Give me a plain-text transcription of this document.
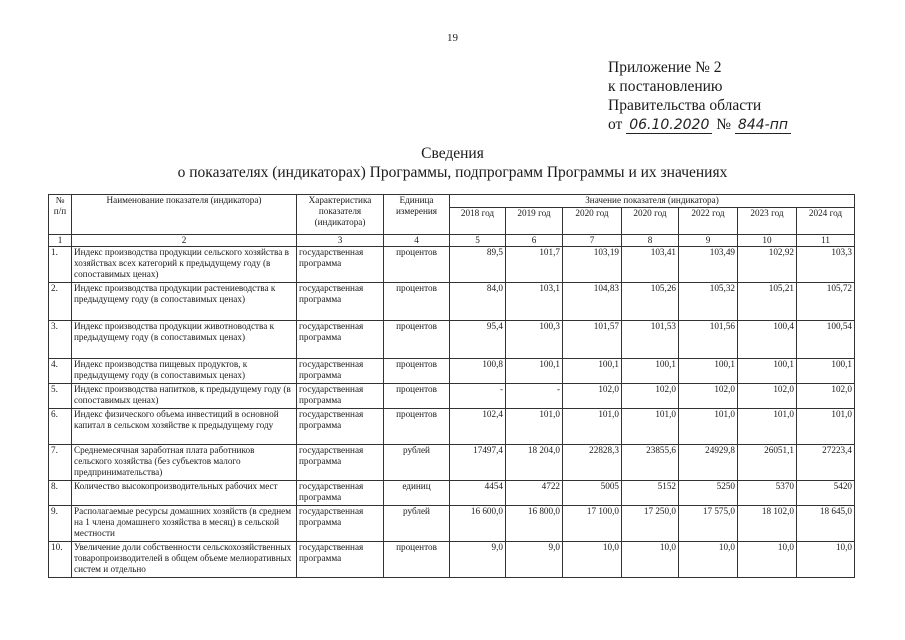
19
Приложение № 2
к постановлению
Правительства области
от 06.10.2020 № 844-пп
Сведения
о показателях (индикаторах) Программы, подпрограмм Программы и их значениях
№ п/п	Наименование показателя (индикатора)	Характеристика показателя (индикатора)	Единица измерения	Значение показателя (индикатора)						
				2018 год	2019 год	2020 год	2020 год	2022 год	2023 год	2024 год
1	2	3	4	5	6	7	8	9	10	11
1.	Индекс производства продукции сельского хозяйства в хозяйствах всех категорий к предыдущему году (в сопоставимых ценах)	государственная программа	процентов	89,5	101,7	103,19	103,41	103,49	102,92	103,3
2.	Индекс производства продукции растениеводства к предыдущему году (в сопоставимых ценах)	государственная программа	процентов	84,0	103,1	104,83	105,26	105,32	105,21	105,72
3.	Индекс производства продукции животноводства к предыдущему году (в сопоставимых ценах)	государственная программа	процентов	95,4	100,3	101,57	101,53	101,56	100,4	100,54
4.	Индекс производства пищевых продуктов, к предыдущему году (в сопоставимых ценах)	государственная программа	процентов	100,8	100,1	100,1	100,1	100,1	100,1	100,1
5.	Индекс производства напитков, к предыдущему году (в сопоставимых ценах)	государственная программа	процентов	-	-	102,0	102,0	102,0	102,0	102,0
6.	Индекс физического объема инвестиций в основной капитал в сельском хозяйстве к предыдущему году	государственная программа	процентов	102,4	101,0	101,0	101,0	101,0	101,0	101,0
7.	Среднемесячная заработная плата работников сельского хозяйства (без субъектов малого предпринимательства)	государственная программа	рублей	17497,4	18 204,0	22828,3	23855,6	24929,8	26051,1	27223,4
8.	Количество высокопроизводительных рабочих мест	государственная программа	единиц	4454	4722	5005	5152	5250	5370	5420
9.	Располагаемые ресурсы домашних хозяйств (в среднем на 1 члена домашнего хозяйства в месяц) в сельской местности	государственная программа	рублей	16 600,0	16 800,0	17 100,0	17 250,0	17 575,0	18 102,0	18 645,0
10.	Увеличение доли собственности сельскохозяйственных товаропроизводителей в общем объеме мелиоративных систем и отдельно	государственная программа	процентов	9,0	9,0	10,0	10,0	10,0	10,0	10,0
